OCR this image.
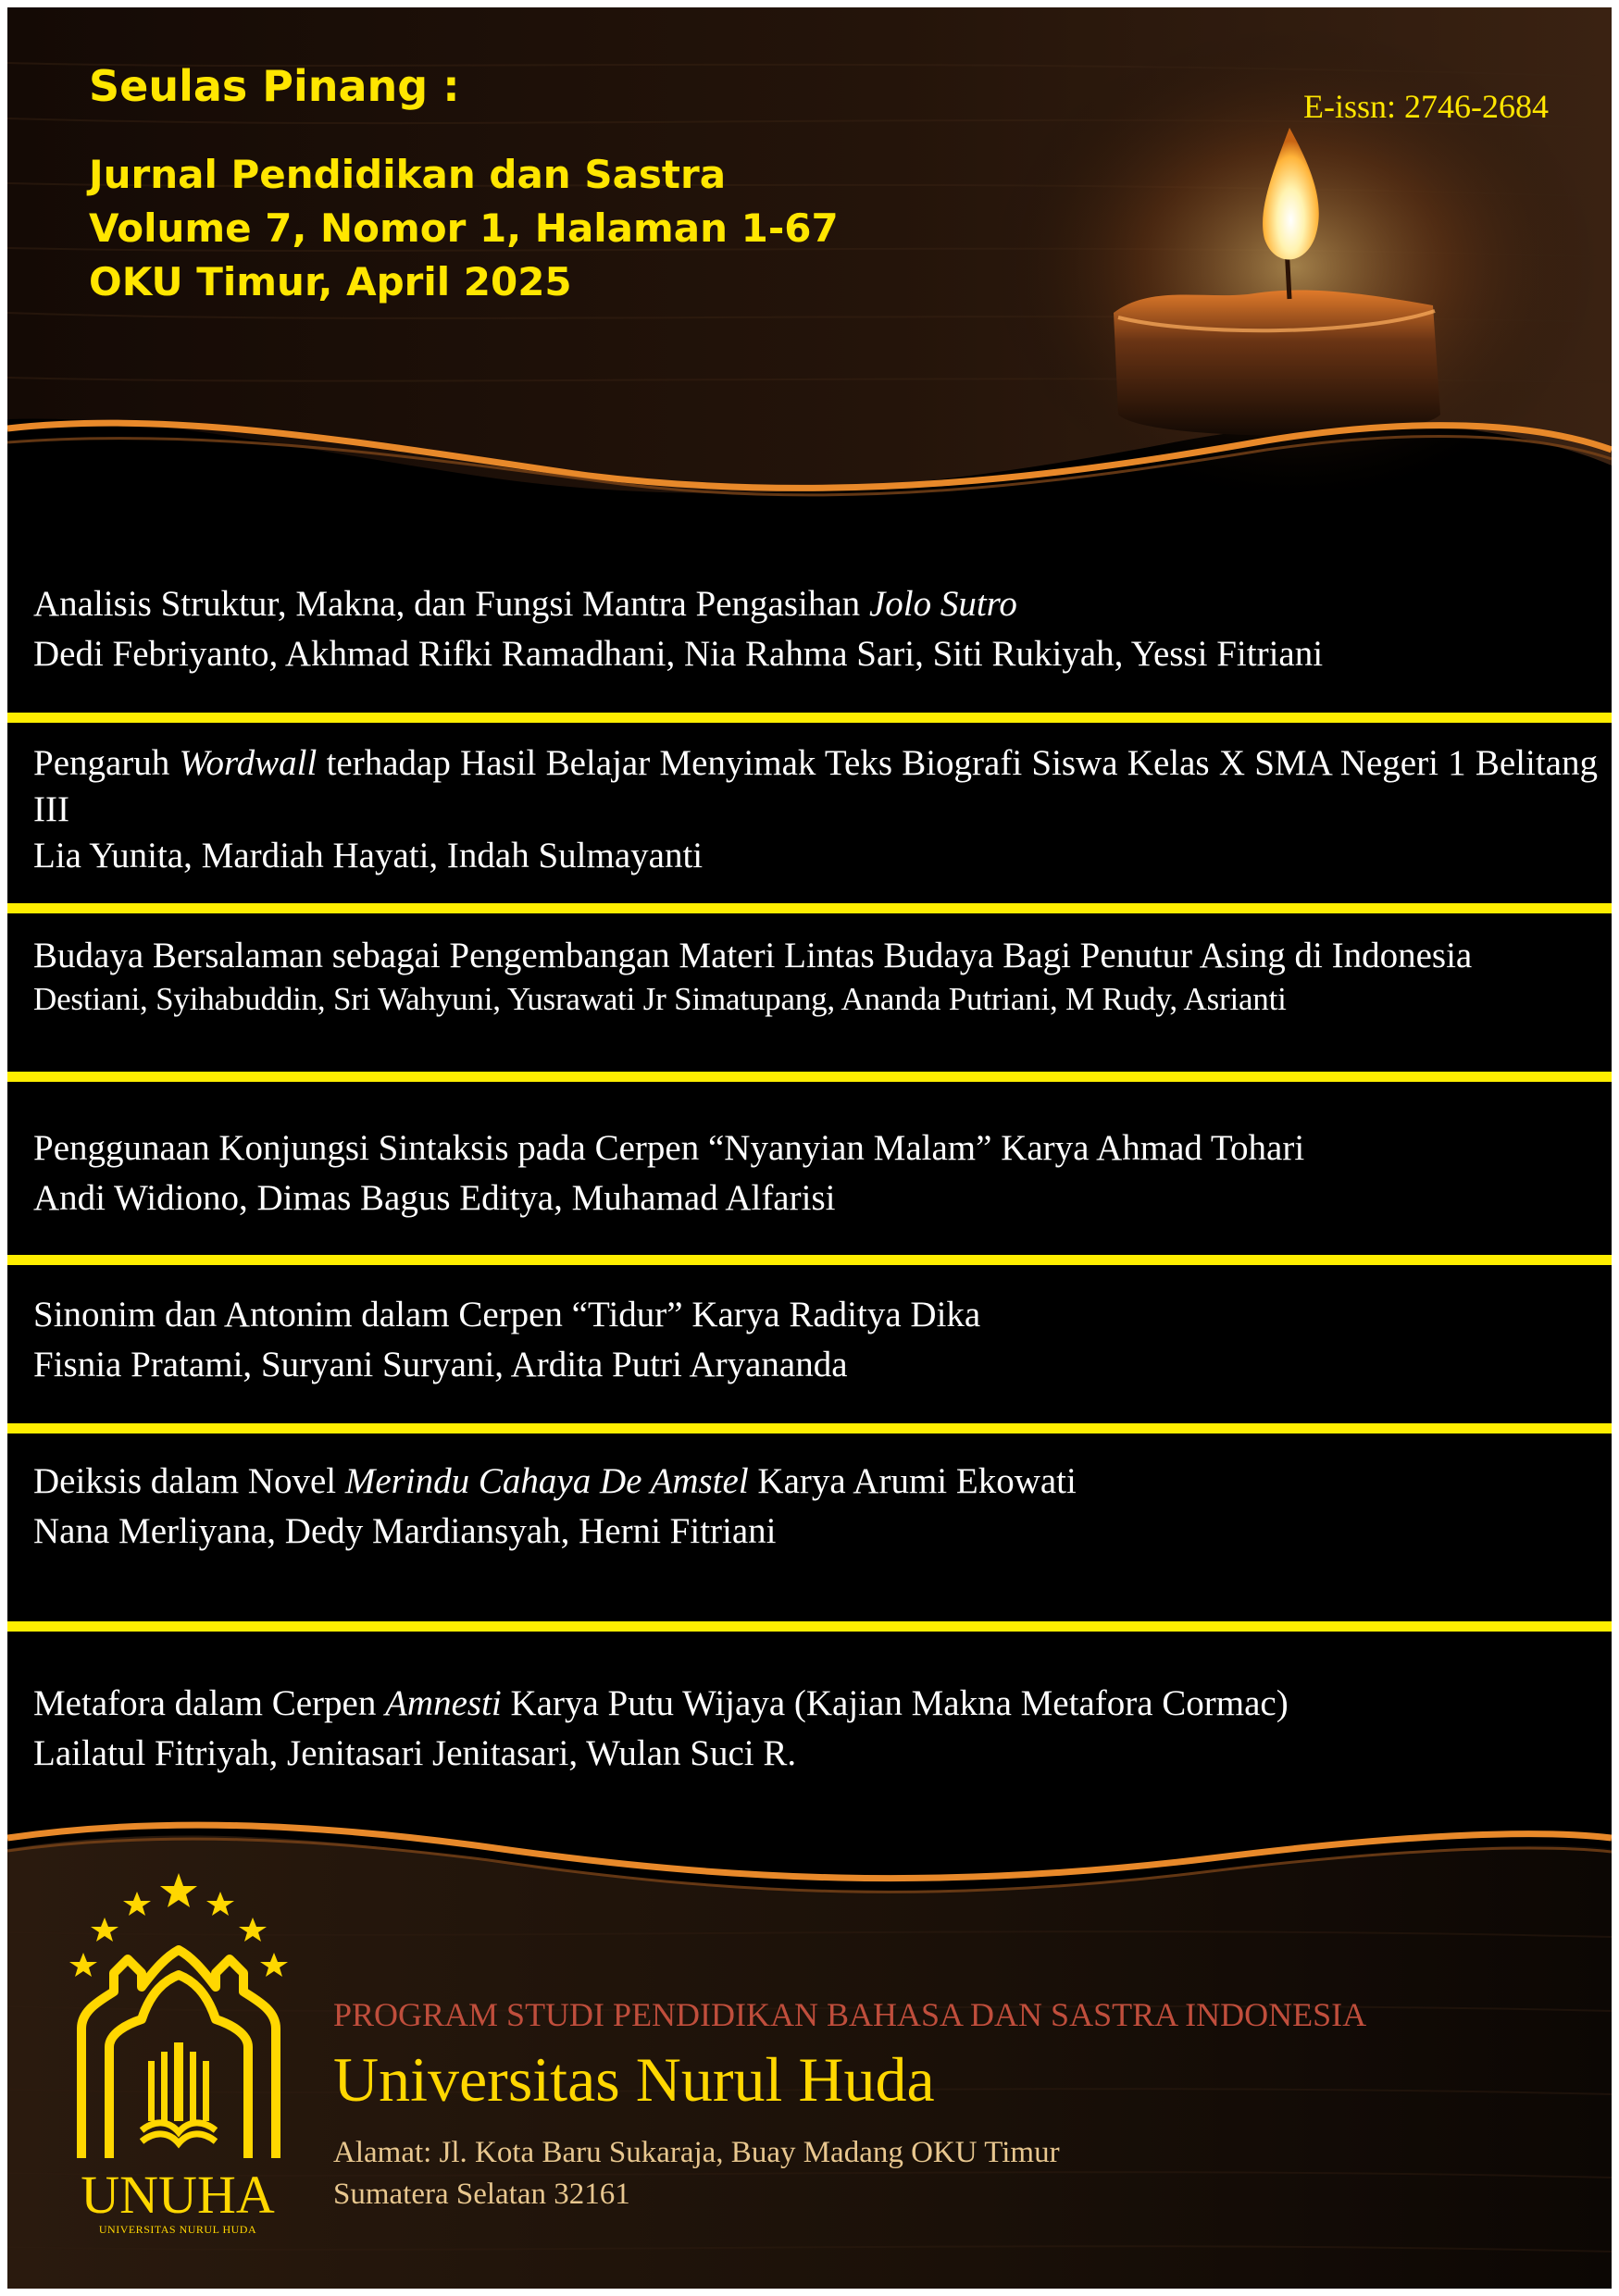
Seulas Pinang :

Jurnal Pendidikan dan Sastra

Volume 7, Nomor 1, Halaman 1-67

OKU Timur, April 2025

E-issn: 2746-2684

Analisis Struktur, Makna, dan Fungsi Mantra Pengasihan Jolo Sutro

Dedi Febriyanto, Akhmad Rifki Ramadhani, Nia Rahma Sari, Siti Rukiyah, Yessi Fitriani

Pengaruh Wordwall terhadap Hasil Belajar Menyimak Teks Biografi Siswa Kelas X SMA Negeri 1 Belitang III

Lia Yunita, Mardiah Hayati, Indah Sulmayanti

Budaya Bersalaman sebagai Pengembangan Materi Lintas Budaya Bagi Penutur Asing di Indonesia

Destiani, Syihabuddin, Sri Wahyuni, Yusrawati Jr Simatupang, Ananda Putriani, M Rudy, Asrianti

Penggunaan Konjungsi Sintaksis pada Cerpen “Nyanyian Malam” Karya Ahmad Tohari

Andi Widiono, Dimas Bagus Editya, Muhamad Alfarisi

Sinonim dan Antonim dalam Cerpen “Tidur” Karya Raditya Dika

Fisnia Pratami, Suryani Suryani, Ardita Putri Aryananda

Deiksis dalam Novel Merindu Cahaya De Amstel Karya Arumi Ekowati

Nana Merliyana, Dedy Mardiansyah, Herni Fitriani

Metafora dalam Cerpen Amnesti Karya Putu Wijaya (Kajian Makna Metafora Cormac)

Lailatul Fitriyah, Jenitasari Jenitasari, Wulan Suci R.

UNUHA

UNIVERSITAS NURUL HUDA

PROGRAM STUDI PENDIDIKAN BAHASA DAN SASTRA INDONESIA

Universitas Nurul Huda

Alamat: Jl. Kota Baru Sukaraja, Buay Madang OKU Timur

Sumatera Selatan 32161
